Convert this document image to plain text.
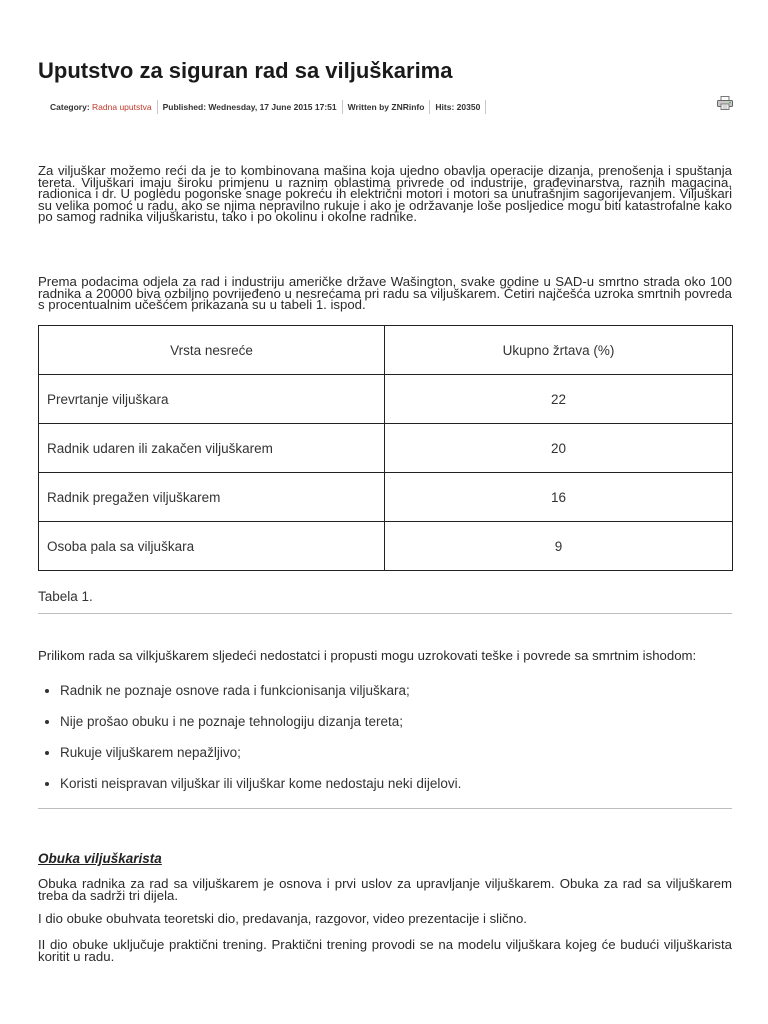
Uputstvo za siguran rad sa viljuškarima
Category: Radna uputstva	Published: Wednesday, 17 June 2015 17:51	Written by ZNRinfo	Hits: 20350

Za viljuškar možemo reći da je to kombinovana mašina koja ujedno obavlja operacije dizanja, prenošenja i spuštanja tereta. Viljuškari imaju široku primjenu u raznim oblastima privrede od industrije, građevinarstva, raznih magacina, radionica i dr. U pogledu pogonske snage pokreću ih električni motori i motori sa unutrašnjim sagorijevanjem. Viljuškari su velika pomoć u radu, ako se njima nepravilno rukuje i ako je održavanje loše posljedice mogu biti katastrofalne kako po samog radnika viljuškaristu, tako i po okolinu i okolne radnike.

Prema podacima odjela za rad i industriju američke države Wašington, svake godine u SAD-u smrtno strada oko 100 radnika a 20000 biva ozbiljno povrijeđeno u nesrećama pri radu sa viljuškarem. Četiri najčešća uzroka smrtnih povreda s procentualnim učešćem prikazana su u tabeli 1. ispod.

Vrsta nesreće	Ukupno žrtava (%)
Prevrtanje viljuškara	22
Radnik udaren ili zakačen viljuškarem	20
Radnik pregažen viljuškarem	16
Osoba pala sa viljuškara	9
Tabela 1.

Prilikom rada sa vilkjuškarem sljedeći nedostatci i propusti mogu uzrokovati teške i povrede sa smrtnim ishodom:

• Radnik ne poznaje osnove rada i funkcionisanja viljuškara;
• Nije prošao obuku i ne poznaje tehnologiju dizanja tereta;
• Rukuje viljuškarem nepažljivo;
• Koristi neispravan viljuškar ili viljuškar kome nedostaju neki dijelovi.
Obuka viljuškarista

Obuka radnika za rad sa viljuškarem je osnova i prvi uslov za upravljanje viljuškarem. Obuka za rad sa viljuškarem treba da sadrži tri dijela.

I dio obuke obuhvata teoretski dio, predavanja, razgovor, video prezentacije i slično.

II dio obuke uključuje praktični trening. Praktični trening provodi se na modelu viljuškara kojeg će budući viljuškarista koritit u radu.
